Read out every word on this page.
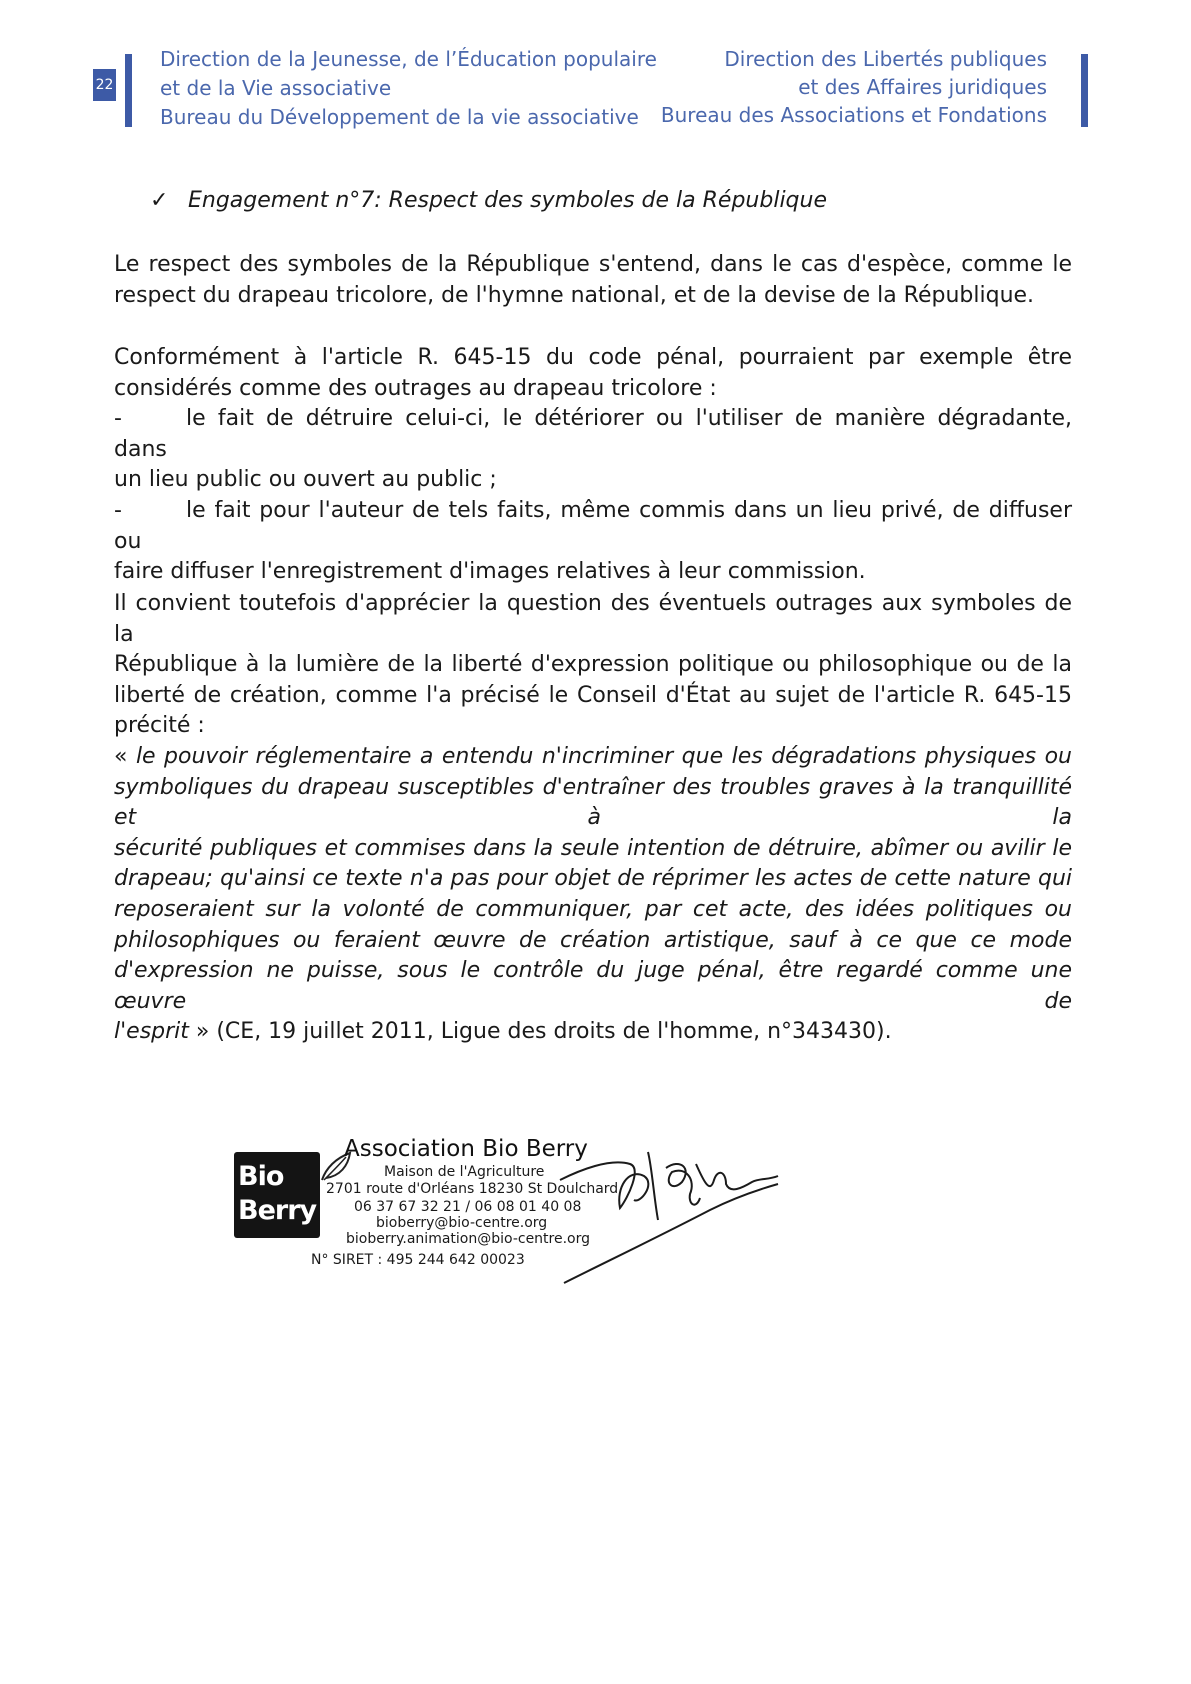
22
Direction de la Jeunesse, de l’Éducation populaire
et de la Vie associative
Bureau du Développement de la vie associative
Direction des Libertés publiques
et des Affaires juridiques
Bureau des Associations et Fondations
✓ Engagement n°7: Respect des symboles de la République
Le respect des symboles de la République s'entend, dans le cas d'espèce, comme le
respect du drapeau tricolore, de l'hymne national, et de la devise de la République.
Conformément à l'article R. 645-15 du code pénal, pourraient par exemple être
considérés comme des outrages au drapeau tricolore :
-	le fait de détruire celui-ci, le détériorer ou l'utiliser de manière dégradante, dans
un lieu public ou ouvert au public ;
-	le fait pour l'auteur de tels faits, même commis dans un lieu privé, de diffuser ou
faire diffuser l'enregistrement d'images relatives à leur commission.
Il convient toutefois d'apprécier la question des éventuels outrages aux symboles de la
République à la lumière de la liberté d'expression politique ou philosophique ou de la
liberté de création, comme l'a précisé le Conseil d'État au sujet de l'article R. 645-15
précité :
« le pouvoir réglementaire a entendu n'incriminer que les dégradations physiques ou
symboliques du drapeau susceptibles d'entraîner des troubles graves à la tranquillité et à la
sécurité publiques et commises dans la seule intention de détruire, abîmer ou avilir le
drapeau; qu'ainsi ce texte n'a pas pour objet de réprimer les actes de cette nature qui
reposeraient sur la volonté de communiquer, par cet acte, des idées politiques ou
philosophiques ou feraient œuvre de création artistique, sauf à ce que ce mode
d'expression ne puisse, sous le contrôle du juge pénal, être regardé comme une œuvre de
l'esprit » (CE, 19 juillet 2011, Ligue des droits de l'homme, n°343430).
Bio
Berry
Association Bio Berry
Maison de l'Agriculture
2701 route d'Orléans 18230 St Doulchard
06 37 67 32 21 / 06 08 01 40 08
bioberry@bio-centre.org
bioberry.animation@bio-centre.org
N° SIRET : 495 244 642 00023
